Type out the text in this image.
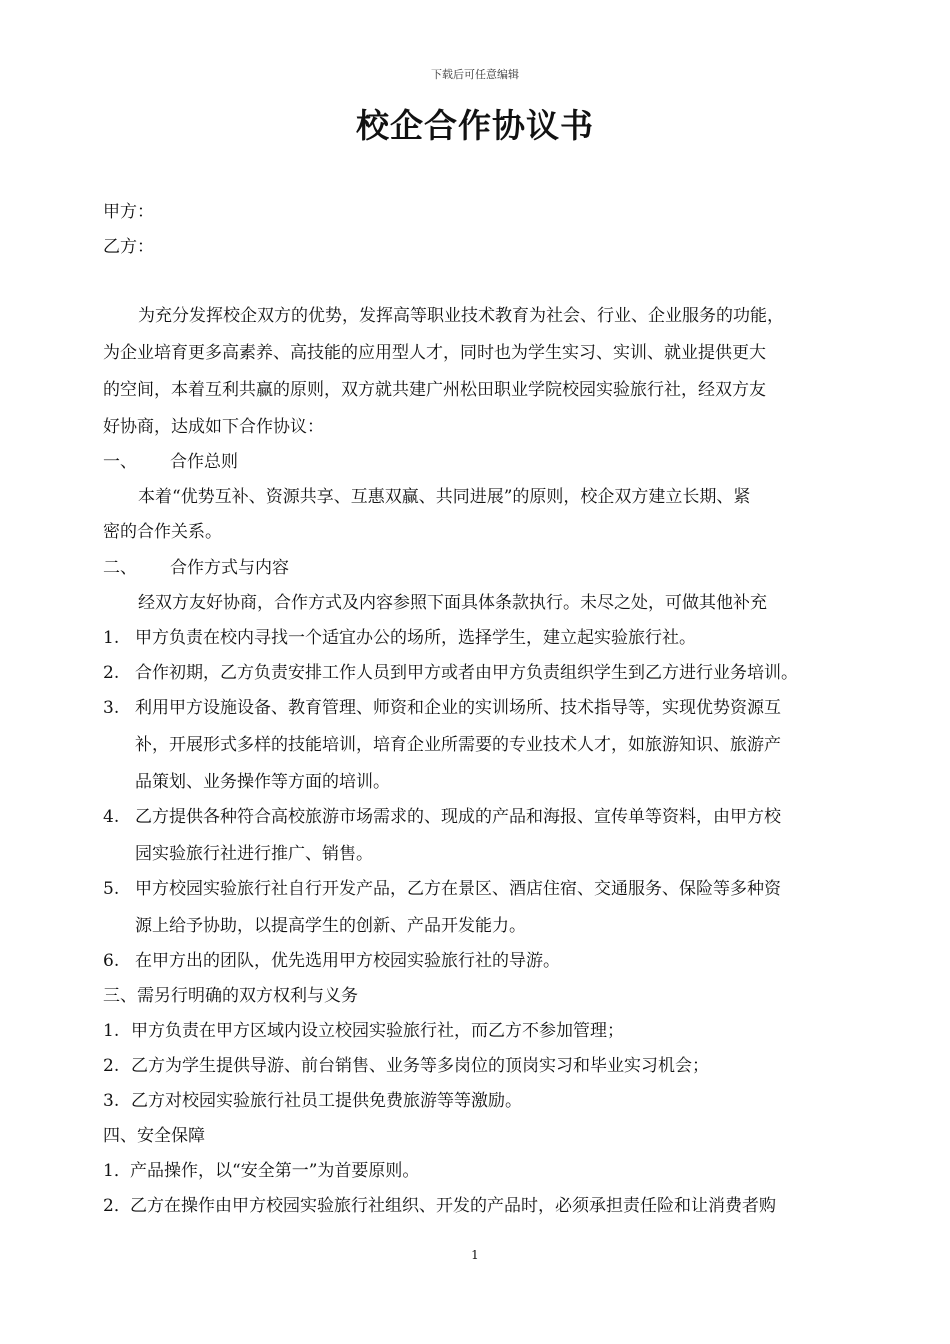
下载后可任意编辑
校企合作协议书
甲方：
乙方：
为充分发挥校企双方的优势，发挥高等职业技术教育为社会、行业、企业服务的功能，
为企业培育更多高素养、高技能的应用型人才，同时也为学生实习、实训、就业提供更大
的空间，本着互利共赢的原则，双方就共建广州松田职业学院校园实验旅行社，经双方友
好协商，达成如下合作协议：
一、 合作总则
本着“优势互补、资源共享、互惠双赢、共同进展”的原则，校企双方建立长期、紧
密的合作关系。
二、 合作方式与内容
经双方友好协商，合作方式及内容参照下面具体条款执行。未尽之处，可做其他补充
1. 甲方负责在校内寻找一个适宜办公的场所，选择学生，建立起实验旅行社。
2. 合作初期，乙方负责安排工作人员到甲方或者由甲方负责组织学生到乙方进行业务培训。
3. 利用甲方设施设备、教育管理、师资和企业的实训场所、技术指导等，实现优势资源互
补，开展形式多样的技能培训，培育企业所需要的专业技术人才，如旅游知识、旅游产
品策划、业务操作等方面的培训。
4. 乙方提供各种符合高校旅游市场需求的、现成的产品和海报、宣传单等资料，由甲方校
园实验旅行社进行推广、销售。
5. 甲方校园实验旅行社自行开发产品，乙方在景区、酒店住宿、交通服务、保险等多种资
源上给予协助，以提高学生的创新、产品开发能力。
6. 在甲方出的团队，优先选用甲方校园实验旅行社的导游。
三、需另行明确的双方权利与义务
1. 甲方负责在甲方区域内设立校园实验旅行社，而乙方不参加管理；
2. 乙方为学生提供导游、前台销售、业务等多岗位的顶岗实习和毕业实习机会；
3. 乙方对校园实验旅行社员工提供免费旅游等等激励。
四、安全保障
1． 产品操作，以“安全第一”为首要原则。
2． 乙方在操作由甲方校园实验旅行社组织、开发的产品时，必须承担责任险和让消费者购
1
